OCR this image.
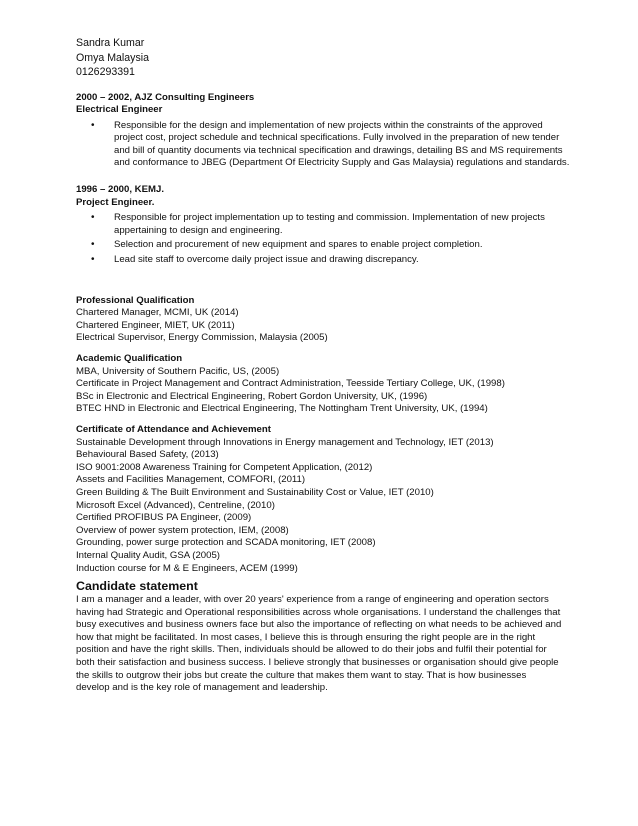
Sandra Kumar
Omya Malaysia
0126293391
2000 – 2002, AJZ Consulting Engineers
Electrical Engineer
• Responsible for the design and implementation of new projects within the constraints of the approved
project cost, project schedule and technical specifications. Fully involved in the preparation of new tender
and bill of quantity documents via technical specification and drawings, detailing BS and MS requirements
and conformance to JBEG (Department Of Electricity Supply and Gas Malaysia) regulations and standards.
1996 – 2000, KEMJ.
Project Engineer.
• Responsible for project implementation up to testing and commission. Implementation of new projects
appertaining to design and engineering.
• Selection and procurement of new equipment and spares to enable project completion.
• Lead site staff to overcome daily project issue and drawing discrepancy.
Professional Qualification
Chartered Manager, MCMI, UK (2014)
Chartered Engineer, MIET, UK (2011)
Electrical Supervisor, Energy Commission, Malaysia (2005)
Academic Qualification
MBA, University of Southern Pacific, US, (2005)
Certificate in Project Management and Contract Administration, Teesside Tertiary College, UK, (1998)
BSc in Electronic and Electrical Engineering, Robert Gordon University, UK, (1996)
BTEC HND in Electronic and Electrical Engineering, The Nottingham Trent University, UK, (1994)
Certificate of Attendance and Achievement
Sustainable Development through Innovations in Energy management and Technology, IET (2013)
Behavioural Based Safety, (2013)
ISO 9001:2008 Awareness Training for Competent Application, (2012)
Assets and Facilities Management, COMFORI, (2011)
Green Building & The Built Environment and Sustainability Cost or Value, IET (2010)
Microsoft Excel (Advanced), Centreline, (2010)
Certified PROFIBUS PA Engineer, (2009)
Overview of power system protection, IEM, (2008)
Grounding, power surge protection and SCADA monitoring, IET (2008)
Internal Quality Audit, GSA (2005)
Induction course for M & E Engineers, ACEM (1999)
Candidate statement
I am a manager and a leader, with over 20 years' experience from a range of engineering and operation sectors
having had Strategic and Operational responsibilities across whole organisations. I understand the challenges that
busy executives and business owners face but also the importance of reflecting on what needs to be achieved and
how that might be facilitated. In most cases, I believe this is through ensuring the right people are in the right
position and have the right skills. Then, individuals should be allowed to do their jobs and fulfil their potential for
both their satisfaction and business success. I believe strongly that businesses or organisation should give people
the skills to outgrow their jobs but create the culture that makes them want to stay. That is how businesses
develop and is the key role of management and leadership.
